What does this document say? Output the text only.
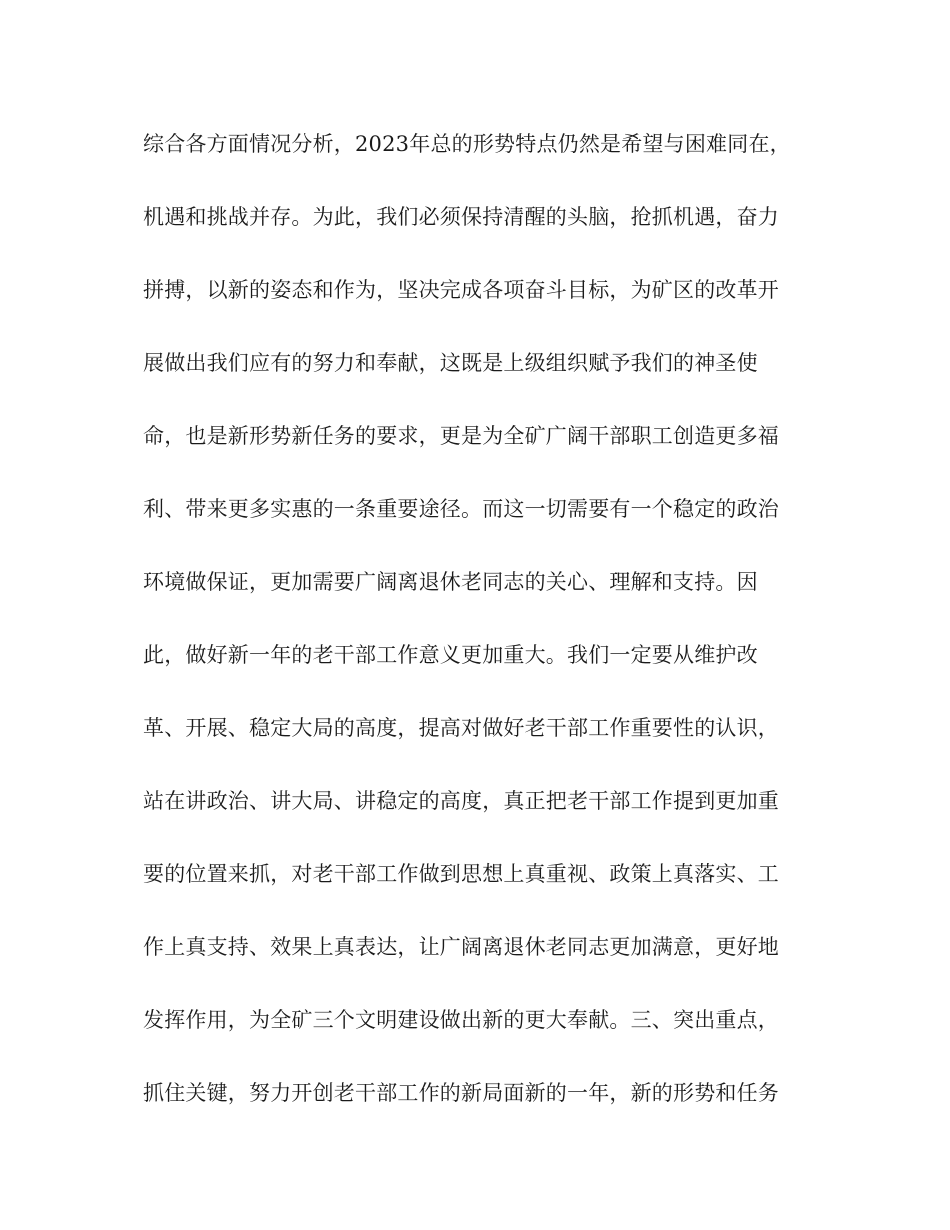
综合各方面情况分析，2023年总的形势特点仍然是希望与困难同在，
机遇和挑战并存。为此，我们必须保持清醒的头脑，抢抓机遇，奋力
拼搏，以新的姿态和作为，坚决完成各项奋斗目标，为矿区的改革开
展做出我们应有的努力和奉献，这既是上级组织赋予我们的神圣使
命，也是新形势新任务的要求，更是为全矿广阔干部职工创造更多福
利、带来更多实惠的一条重要途径。而这一切需要有一个稳定的政治
环境做保证，更加需要广阔离退休老同志的关心、理解和支持。因
此，做好新一年的老干部工作意义更加重大。我们一定要从维护改
革、开展、稳定大局的高度，提高对做好老干部工作重要性的认识，
站在讲政治、讲大局、讲稳定的高度，真正把老干部工作提到更加重
要的位置来抓，对老干部工作做到思想上真重视、政策上真落实、工
作上真支持、效果上真表达，让广阔离退休老同志更加满意，更好地
发挥作用，为全矿三个文明建设做出新的更大奉献。三、突出重点，
抓住关键，努力开创老干部工作的新局面新的一年，新的形势和任务
